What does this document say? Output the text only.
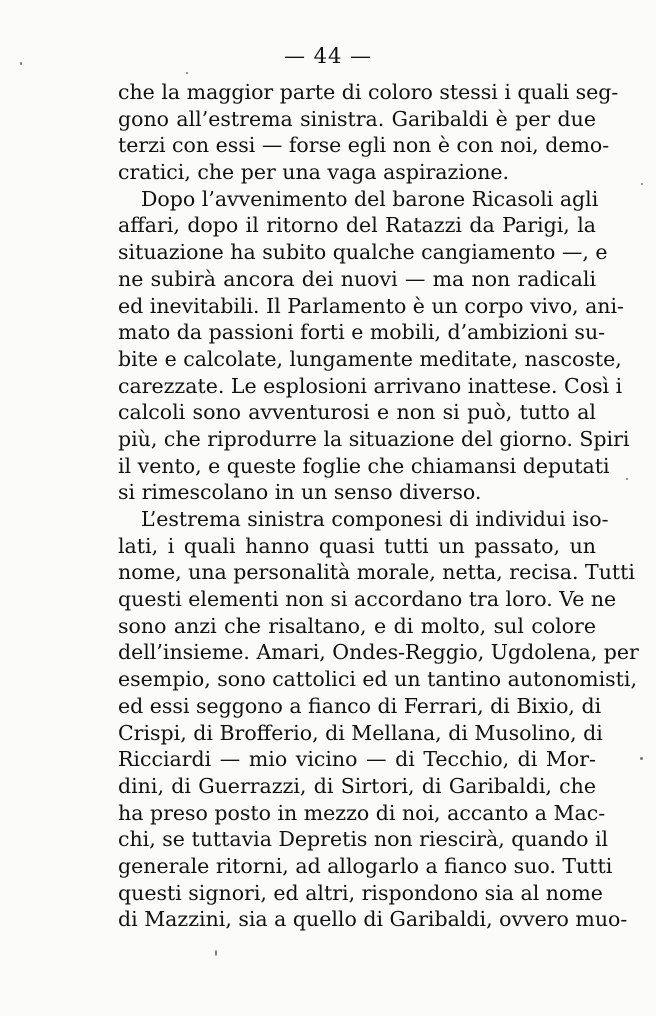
— 44 —
che la maggior parte di coloro stessi i quali seg-
gono all’estrema sinistra. Garibaldi è per due
terzi con essi — forse egli non è con noi, demo-
cratici, che per una vaga aspirazione.
Dopo l’avvenimento del barone Ricasoli agli
affari, dopo il ritorno del Ratazzi da Parigi, la
situazione ha subito qualche cangiamento —, e
ne subirà ancora dei nuovi — ma non radicali
ed inevitabili. Il Parlamento è un corpo vivo, ani-
mato da passioni forti e mobili, d’ambizioni su-
bite e calcolate, lungamente meditate, nascoste,
carezzate. Le esplosioni arrivano inattese. Così i
calcoli sono avventurosi e non si può, tutto al
più, che riprodurre la situazione del giorno. Spiri
il vento, e queste foglie che chiamansi deputati
si rimescolano in un senso diverso.
L’estrema sinistra componesi di individui iso-
lati, i quali hanno quasi tutti un passato, un
nome, una personalità morale, netta, recisa. Tutti
questi elementi non si accordano tra loro. Ve ne
sono anzi che risaltano, e di molto, sul colore
dell’insieme. Amari, Ondes-Reggio, Ugdolena, per
esempio, sono cattolici ed un tantino autonomisti,
ed essi seggono a fianco di Ferrari, di Bixio, di
Crispi, di Brofferio, di Mellana, di Musolino, di
Ricciardi — mio vicino — di Tecchio, di Mor-
dini, di Guerrazzi, di Sirtori, di Garibaldi, che
ha preso posto in mezzo di noi, accanto a Mac-
chi, se tuttavia Depretis non riescirà, quando il
generale ritorni, ad allogarlo a fianco suo. Tutti
questi signori, ed altri, rispondono sia al nome
di Mazzini, sia a quello di Garibaldi, ovvero muo-
